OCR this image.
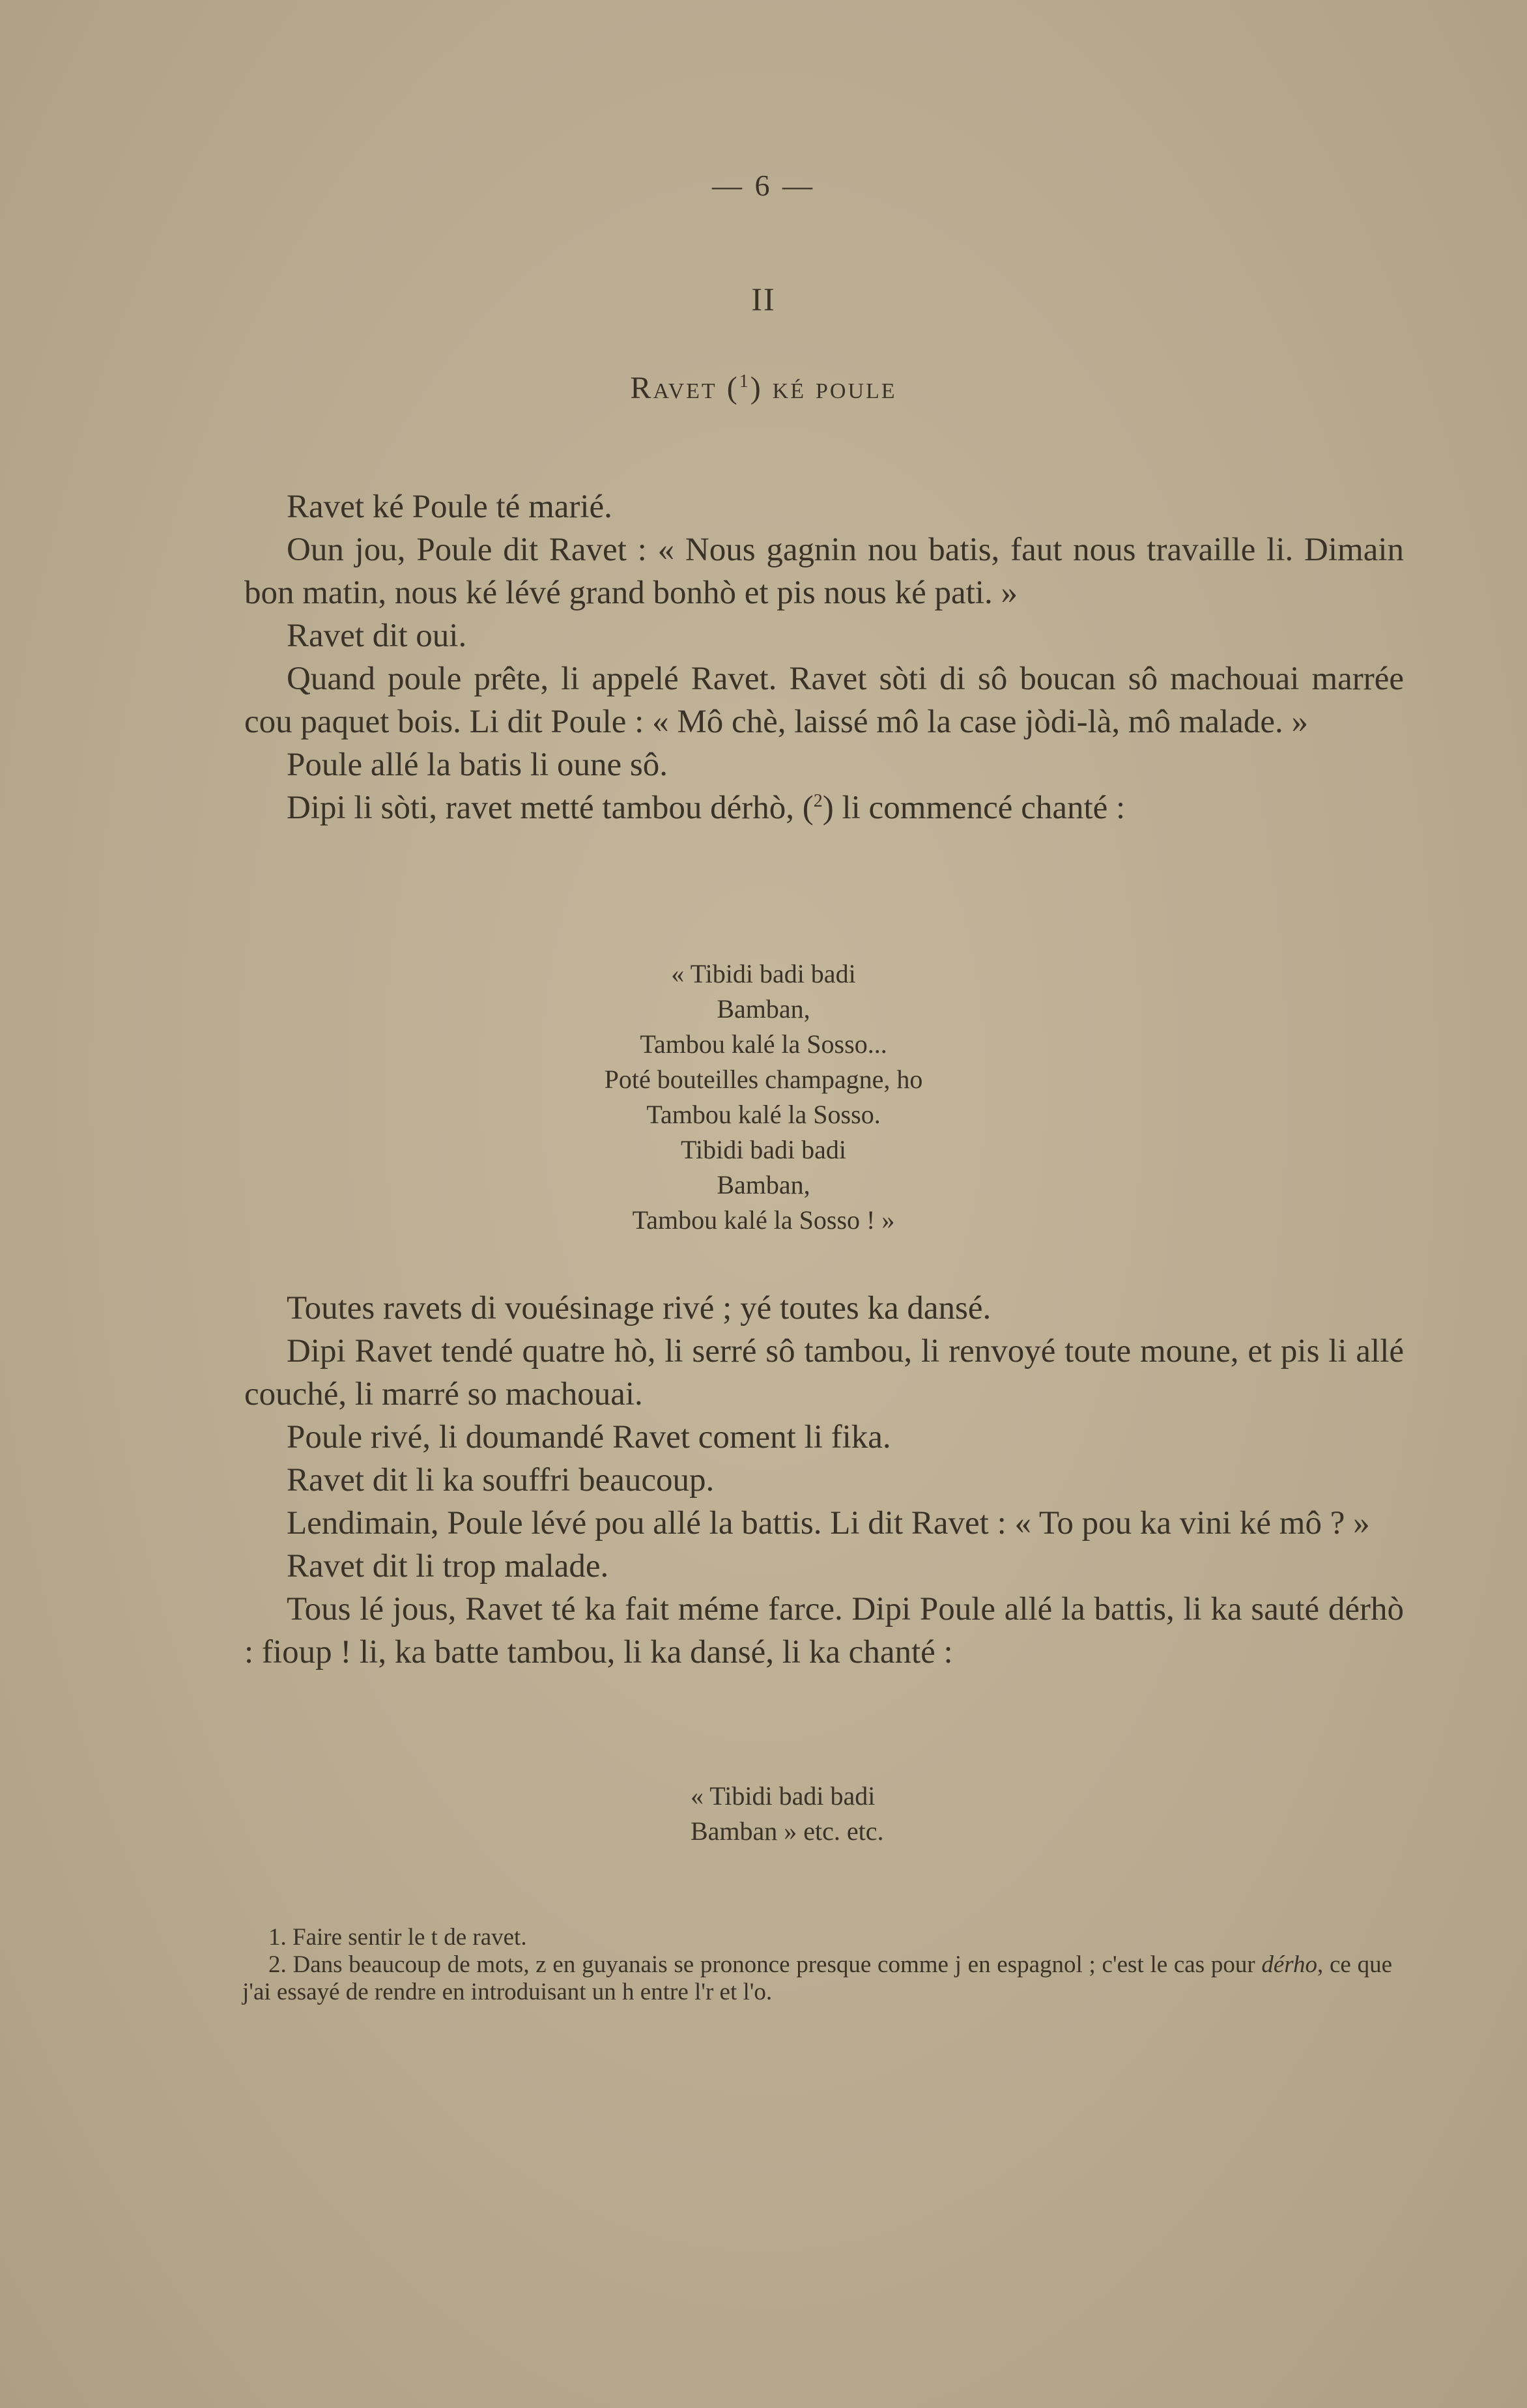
— 6 —
II
Ravet ($^1$) ké poule

Ravet ké Poule té marié.

Oun jou, Poule dit Ravet : « Nous gagnin nou batis, faut nous travaille li. Dimain bon matin, nous ké lévé grand bonhò et pis nous ké pati. »

Ravet dit oui.

Quand poule prête, li appelé Ravet. Ravet sòti di sô boucan sô machouai marrée cou paquet bois. Li dit Poule : « Mô chè, laissé mô la case jòdi-là, mô malade. »

Poule allé la batis li oune sô.

Dipi li sòti, ravet metté tambou dérhò, ($^2$) li commencé chanté :

« Tibidi badi badi
Bamban,
Tambou kalé la Sosso...
Poté bouteilles champagne, ho
Tambou kalé la Sosso.
Tibidi badi badi
Bamban,
Tambou kalé la Sosso ! »

Toutes ravets di vouésinage rivé ; yé toutes ka dansé.

Dipi Ravet tendé quatre hò, li serré sô tambou, li renvoyé toute moune, et pis li allé couché, li marré so machouai.

Poule rivé, li doumandé Ravet coment li fika.

Ravet dit li ka souffri beaucoup.

Lendimain, Poule lévé pou allé la battis. Li dit Ravet : « To pou ka vini ké mô ? »

Ravet dit li trop malade.

Tous lé jous, Ravet té ka fait méme farce. Dipi Poule allé la battis, li ka sauté dérhò : fioup ! li, ka batte tambou, li ka dansé, li ka chanté :

« Tibidi badi badi
Bamban » etc. etc.

1. Faire sentir le t de ravet.

2. Dans beaucoup de mots, z en guyanais se prononce presque comme j en espagnol ; c'est le cas pour dérho, ce que j'ai essayé de rendre en introduisant un h entre l'r et l'o.
